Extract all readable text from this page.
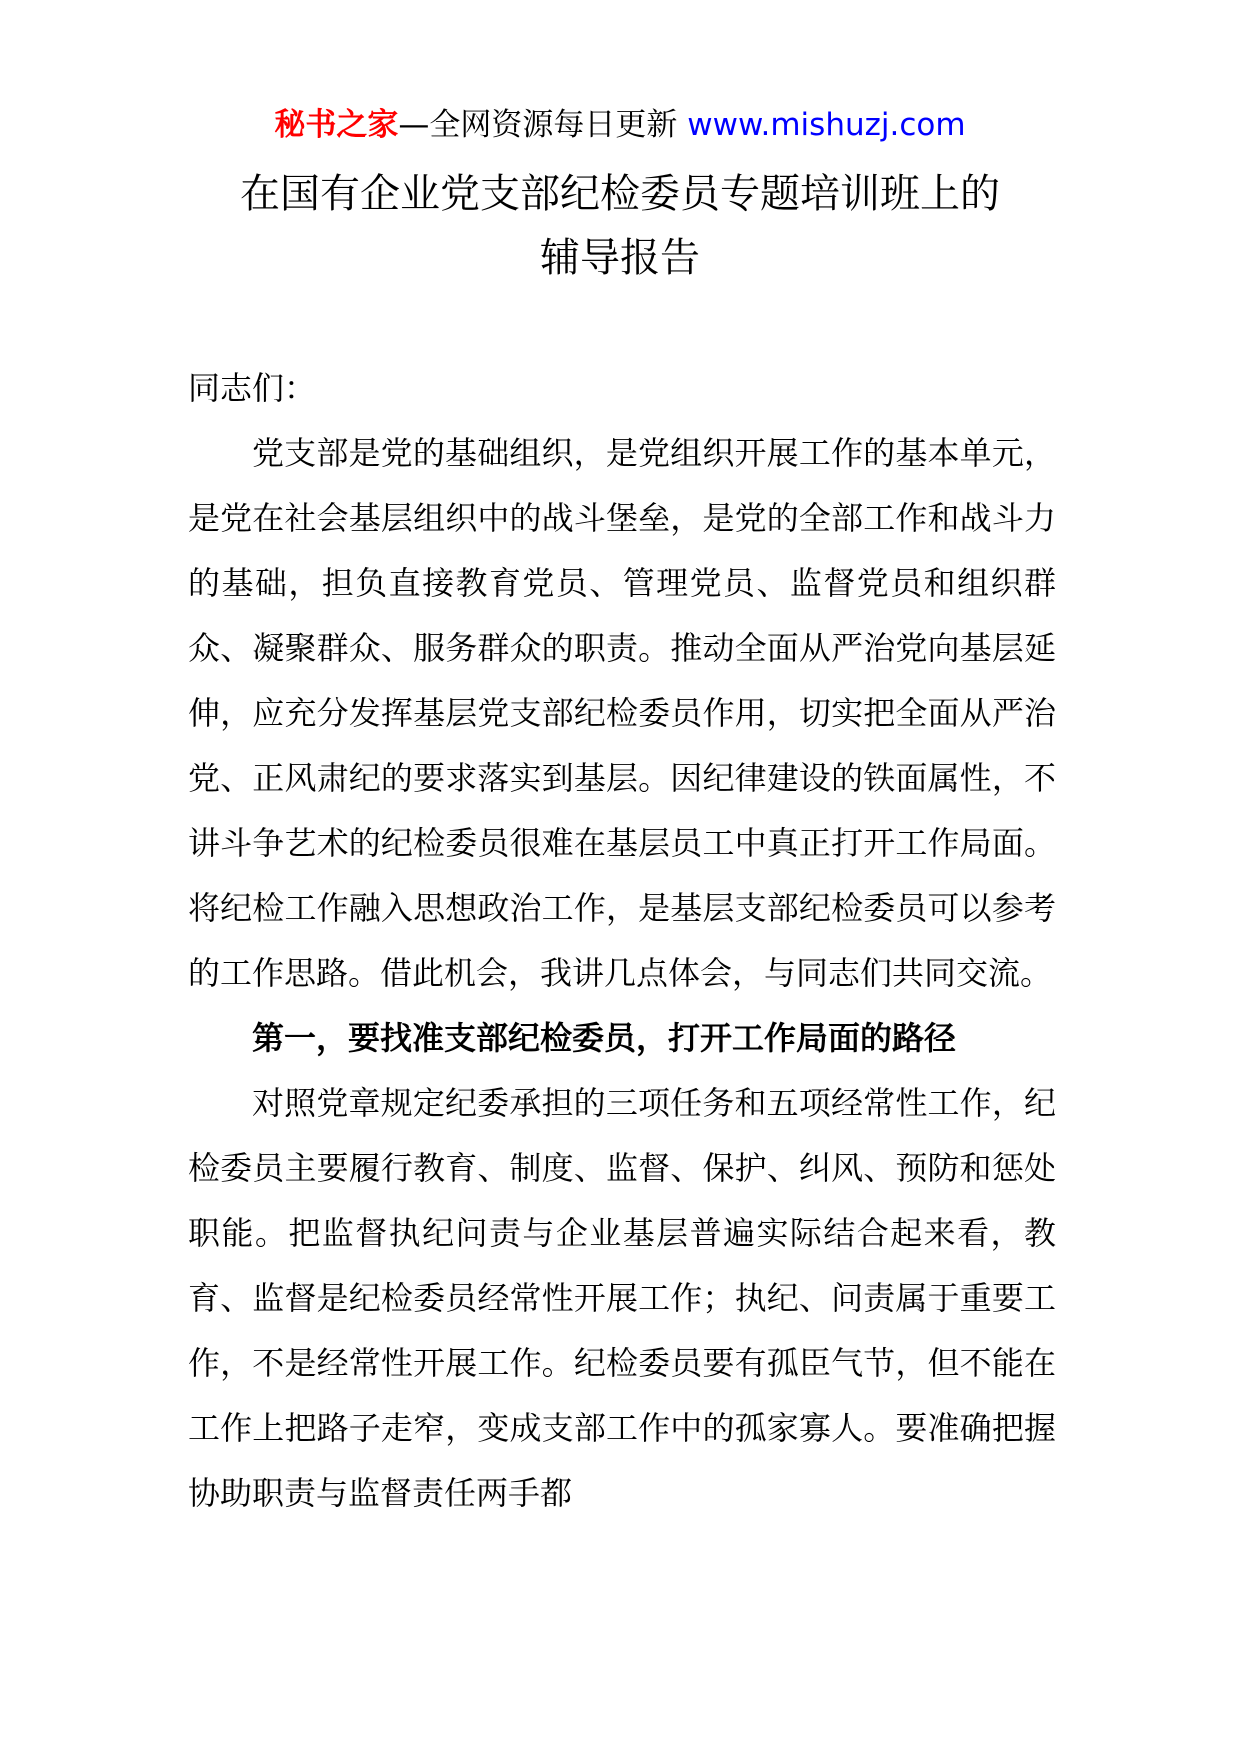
秘书之家—全网资源每日更新 www.mishuzj.com
在国有企业党支部纪检委员专题培训班上的
辅导报告

同志们：

党支部是党的基础组织，是党组织开展工作的基本单元，是党在社会基层组织中的战斗堡垒，是党的全部工作和战斗力的基础，担负直接教育党员、管理党员、监督党员和组织群众、凝聚群众、服务群众的职责。推动全面从严治党向基层延伸，应充分发挥基层党支部纪检委员作用，切实把全面从严治党、正风肃纪的要求落实到基层。因纪律建设的铁面属性，不讲斗争艺术的纪检委员很难在基层员工中真正打开工作局面。将纪检工作融入思想政治工作，是基层支部纪检委员可以参考的工作思路。借此机会，我讲几点体会，与同志们共同交流。

第一，要找准支部纪检委员，打开工作局面的路径

对照党章规定纪委承担的三项任务和五项经常性工作，纪检委员主要履行教育、制度、监督、保护、纠风、预防和惩处职能。把监督执纪问责与企业基层普遍实际结合起来看，教育、监督是纪检委员经常性开展工作；执纪、问责属于重要工作，不是经常性开展工作。纪检委员要有孤臣气节，但不能在工作上把路子走窄，变成支部工作中的孤家寡人。要准确把握协助职责与监督责任两手都
